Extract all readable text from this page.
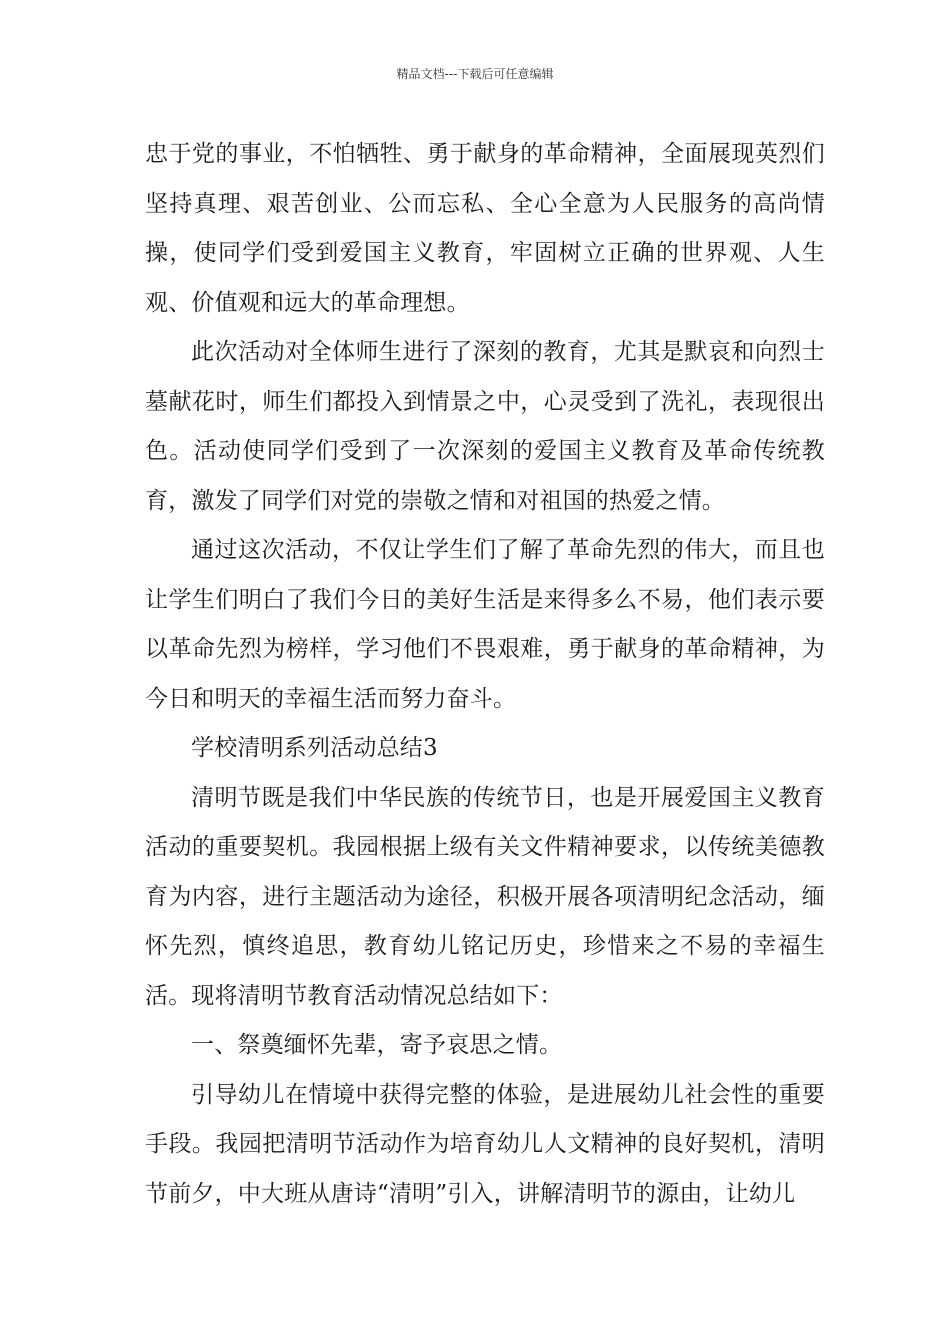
精品文档---下载后可任意编辑

忠于党的事业，不怕牺牲、勇于献身的革命精神，全面展现英烈们坚持真理、艰苦创业、公而忘私、全心全意为人民服务的高尚情操，使同学们受到爱国主义教育，牢固树立正确的世界观、人生观、价值观和远大的革命理想。

此次活动对全体师生进行了深刻的教育，尤其是默哀和向烈士墓献花时，师生们都投入到情景之中，心灵受到了洗礼，表现很出色。活动使同学们受到了一次深刻的爱国主义教育及革命传统教育，激发了同学们对党的崇敬之情和对祖国的热爱之情。

通过这次活动，不仅让学生们了解了革命先烈的伟大，而且也让学生们明白了我们今日的美好生活是来得多么不易，他们表示要以革命先烈为榜样，学习他们不畏艰难，勇于献身的革命精神，为今日和明天的幸福生活而努力奋斗。

学校清明系列活动总结3

清明节既是我们中华民族的传统节日，也是开展爱国主义教育活动的重要契机。我园根据上级有关文件精神要求，以传统美德教育为内容，进行主题活动为途径，积极开展各项清明纪念活动，缅怀先烈，慎终追思，教育幼儿铭记历史，珍惜来之不易的幸福生活。现将清明节教育活动情况总结如下：

一、祭奠缅怀先辈，寄予哀思之情。

引导幼儿在情境中获得完整的体验，是进展幼儿社会性的重要手段。我园把清明节活动作为培育幼儿人文精神的良好契机，清明节前夕，中大班从唐诗“清明”引入，讲解清明节的源由，让幼儿
